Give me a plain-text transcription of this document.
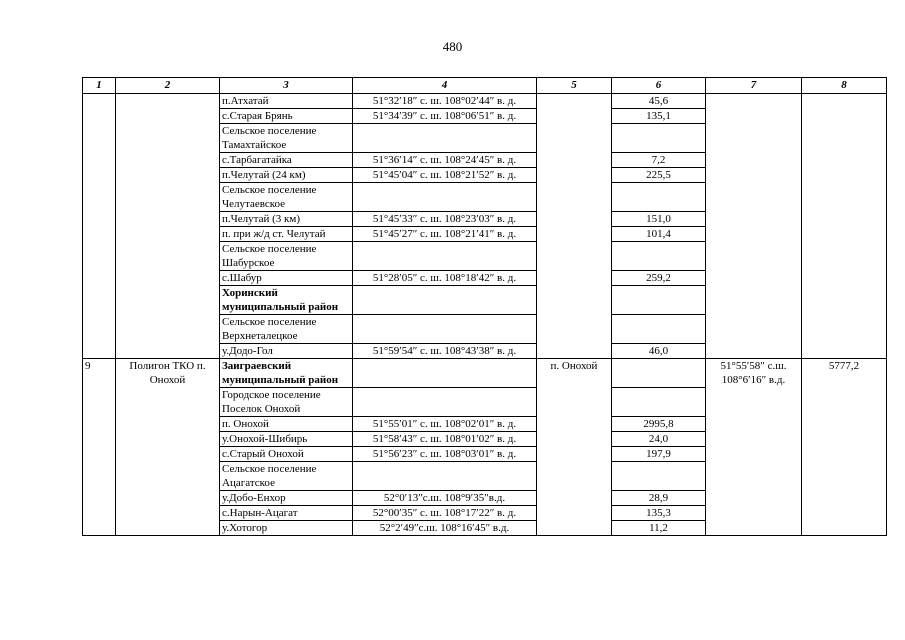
480
1	2	3	4	5	6	7	8
		п.Атхатай	51°32′18″ с. ш. 108°02′44″ в. д.		45,6		
		с.Старая Брянь	51°34′39″ с. ш. 108°06′51″ в. д.		135,1		
		Сельское поселение Тамахтайское					
		с.Тарбагатайка	51°36′14″ с. ш. 108°24′45″ в. д.		7,2		
		п.Челутай (24 км)	51°45′04″ с. ш. 108°21′52″ в. д.		225,5		
		Сельское поселение Челутаевское					
		п.Челутай (3 км)	51°45′33″ с. ш. 108°23′03″ в. д.		151,0		
		п. при ж/д ст. Челутай	51°45′27″ с. ш. 108°21′41″ в. д.		101,4		
		Сельское поселение Шабурское					
		с.Шабур	51°28′05″ с. ш. 108°18′42″ в. д.		259,2		
		Хоринский муниципальный район					
		Сельское поселение Верхнеталецкое					
		у.Додо-Гол	51°59′54″ с. ш. 108°43′38″ в. д.		46,0		
9	Полигон ТКО п. Онохой	Заиграевский муниципальный район		п. Онохой		51°55′58″ с.ш. 108°6′16″ в.д.	5777,2
		Городское поселение Поселок Онохой					
		п. Онохой	51°55′01″ с. ш. 108°02′01″ в. д.		2995,8		
		у.Онохой-Шибирь	51°58′43″ с. ш. 108°01′02″ в. д.		24,0		
		с.Старый Онохой	51°56′23″ с. ш. 108°03′01″ в. д.		197,9		
		Сельское поселение Ацагатское					
		у.Добо-Енхор	52°0′13″с.ш. 108°9′35″в.д.		28,9		
		с.Нарын-Ацагат	52°00′35″ с. ш. 108°17′22″ в. д.		135,3		
		у.Хотогор	52°2′49″с.ш. 108°16′45″ в.д.		11,2		
